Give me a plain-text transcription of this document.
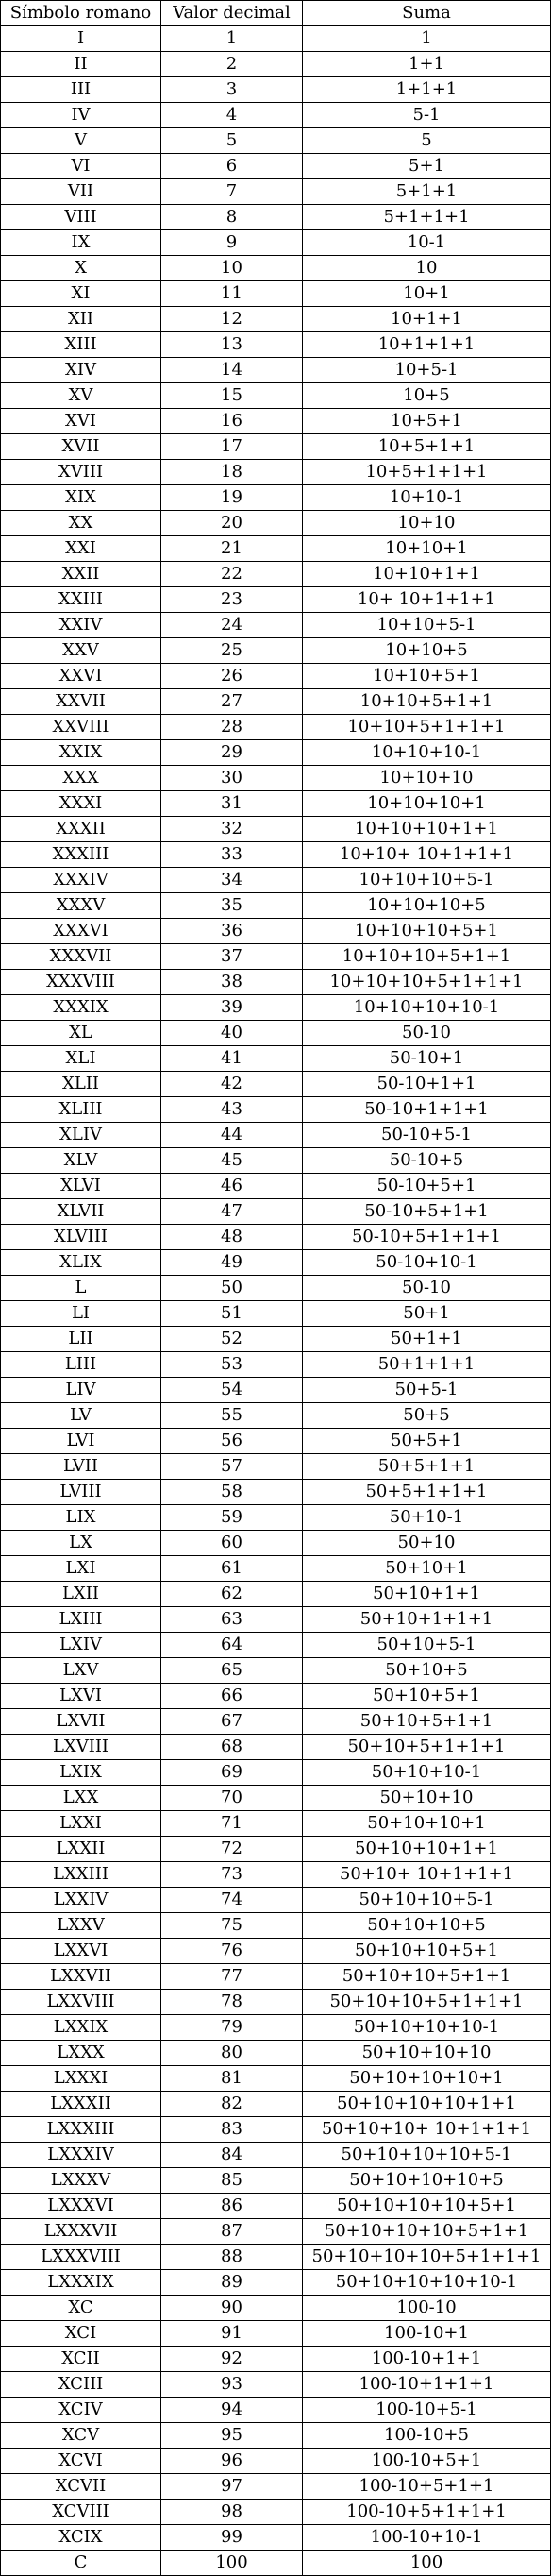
Símbolo romano	Valor decimal	Suma
I	1	1
II	2	1+1
III	3	1+1+1
IV	4	5-1
V	5	5
VI	6	5+1
VII	7	5+1+1
VIII	8	5+1+1+1
IX	9	10-1
X	10	10
XI	11	10+1
XII	12	10+1+1
XIII	13	10+1+1+1
XIV	14	10+5-1
XV	15	10+5
XVI	16	10+5+1
XVII	17	10+5+1+1
XVIII	18	10+5+1+1+1
XIX	19	10+10-1
XX	20	10+10
XXI	21	10+10+1
XXII	22	10+10+1+1
XXIII	23	10+ 10+1+1+1
XXIV	24	10+10+5-1
XXV	25	10+10+5
XXVI	26	10+10+5+1
XXVII	27	10+10+5+1+1
XXVIII	28	10+10+5+1+1+1
XXIX	29	10+10+10-1
XXX	30	10+10+10
XXXI	31	10+10+10+1
XXXII	32	10+10+10+1+1
XXXIII	33	10+10+ 10+1+1+1
XXXIV	34	10+10+10+5-1
XXXV	35	10+10+10+5
XXXVI	36	10+10+10+5+1
XXXVII	37	10+10+10+5+1+1
XXXVIII	38	10+10+10+5+1+1+1
XXXIX	39	10+10+10+10-1
XL	40	50-10
XLI	41	50-10+1
XLII	42	50-10+1+1
XLIII	43	50-10+1+1+1
XLIV	44	50-10+5-1
XLV	45	50-10+5
XLVI	46	50-10+5+1
XLVII	47	50-10+5+1+1
XLVIII	48	50-10+5+1+1+1
XLIX	49	50-10+10-1
L	50	50-10
LI	51	50+1
LII	52	50+1+1
LIII	53	50+1+1+1
LIV	54	50+5-1
LV	55	50+5
LVI	56	50+5+1
LVII	57	50+5+1+1
LVIII	58	50+5+1+1+1
LIX	59	50+10-1
LX	60	50+10
LXI	61	50+10+1
LXII	62	50+10+1+1
LXIII	63	50+10+1+1+1
LXIV	64	50+10+5-1
LXV	65	50+10+5
LXVI	66	50+10+5+1
LXVII	67	50+10+5+1+1
LXVIII	68	50+10+5+1+1+1
LXIX	69	50+10+10-1
LXX	70	50+10+10
LXXI	71	50+10+10+1
LXXII	72	50+10+10+1+1
LXXIII	73	50+10+ 10+1+1+1
LXXIV	74	50+10+10+5-1
LXXV	75	50+10+10+5
LXXVI	76	50+10+10+5+1
LXXVII	77	50+10+10+5+1+1
LXXVIII	78	50+10+10+5+1+1+1
LXXIX	79	50+10+10+10-1
LXXX	80	50+10+10+10
LXXXI	81	50+10+10+10+1
LXXXII	82	50+10+10+10+1+1
LXXXIII	83	50+10+10+ 10+1+1+1
LXXXIV	84	50+10+10+10+5-1
LXXXV	85	50+10+10+10+5
LXXXVI	86	50+10+10+10+5+1
LXXXVII	87	50+10+10+10+5+1+1
LXXXVIII	88	50+10+10+10+5+1+1+1
LXXXIX	89	50+10+10+10+10-1
XC	90	100-10
XCI	91	100-10+1
XCII	92	100-10+1+1
XCIII	93	100-10+1+1+1
XCIV	94	100-10+5-1
XCV	95	100-10+5
XCVI	96	100-10+5+1
XCVII	97	100-10+5+1+1
XCVIII	98	100-10+5+1+1+1
XCIX	99	100-10+10-1
C	100	100
